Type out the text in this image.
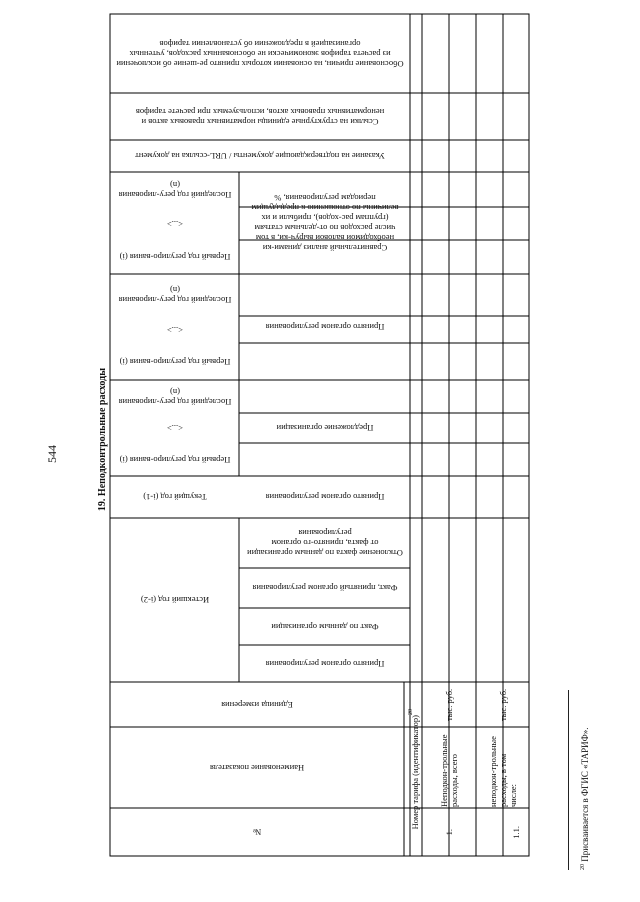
544
$^{20}$ Присваивается в ФГИС «ТАРИФ».
19. Неподконтрольные расходы
Обоснование причин, на основании которых принято ре-шение об исключении из расчета тарифов экономически не обоснованных расходов, учтенных организацией в предложении об установлении тарифов
Ссылки на структурные единицы нормативных правовых актов и ненормативных правовых актов, используемых при расчете тарифов
Указание на подтверждающие документы / URL-ссылка на документ
Сравнительный анализ динами-ки необходимой валовой выруч-ки, в том числе расходов по от-дельным статьям (группам рас-ходов), прибыли и их величины по отношению к предыдущим периодам регулирования, %
Последний год регу-лирования (n)
<...>
Первый год регулиро-вания (i)
Принято органом регулирования
Последний год регу-лирования (n)
<...>
Первый год регулиро-вания (i)
Предложение организации
Последний год регу-лирования (n)
<...>
Первый год регулиро-вания (i)
Принято органом регулирования
Текущий год (i-1)
Истекший год (i-2)
Отклонение факта по данным организации от факта, принято-го органом регулирования
Факт, принятый органом регулирования
Факт по данным организации
Принято органом регулирования
Единица измерения
Наименование показателя
№
Номер тарифа (идентификатор)$^{20}$
1.
Неподкон-трольные расходы, всего
тыс. руб.
1.1.
неподкон-трольные расходы, в том числе:
тыс. руб.
